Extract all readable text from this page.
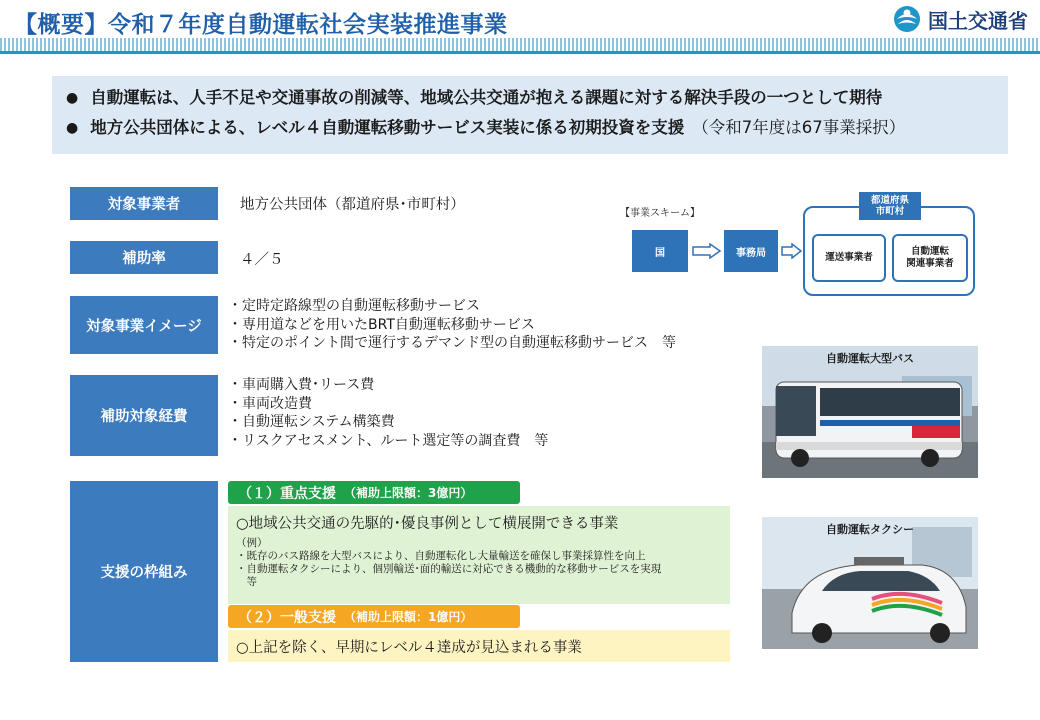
【概要】令和７年度自動運転社会実装推進事業	国土交通省
● 自動運転は、人手不足や交通事故の削減等、地域公共交通が抱える課題に対する解決手段の一つとして期待
● 地方公共団体による、レベル４自動運転移動サービス実装に係る初期投資を支援 （令和7年度は67事業採択）
対象事業者	地方公共団体（都道府県･市町村）
補助率	４／５
対象事業イメージ
・定時定路線型の自動運転移動サービス
・専用道などを用いたBRT自動運転移動サービス
・特定のポイント間で運行するデマンド型の自動運転移動サービス　等
補助対象経費
・車両購入費･リース費
・車両改造費
・自動運転システム構築費
・リスクアセスメント、ルート選定等の調査費　等
支援の枠組み
（１）重点支援 （補助上限額：3億円）
○地域公共交通の先駆的･優良事例として横展開できる事業
（例）
・既存のバス路線を大型バスにより、自動運転化し大量輸送を確保し事業採算性を向上
・自動運転タクシーにより、個別輸送･面的輸送に対応できる機動的な移動サービスを実現
　等
（２）一般支援 （補助上限額：1億円）
○上記を除く、早期にレベル４達成が見込まれる事業
【事業スキーム】
国	事務局
都道府県
市町村
運送事業者
自動運転
関連事業者
自動運転大型バス
自動運転タクシー
